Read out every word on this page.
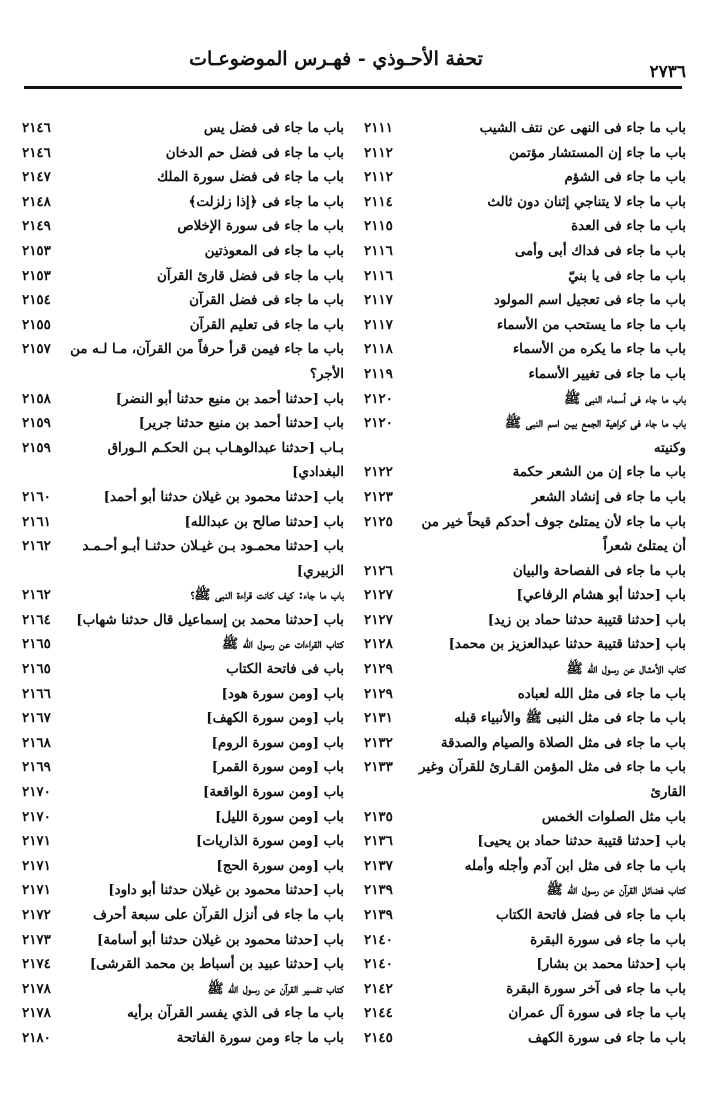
٢٧٣٦
تحفة الأحـوذي - فهـرس الموضوعـات
باب ما جاء فى النهى عن نتف الشيب
٢١١١
باب ما جاء إن المستشار مؤتمن
٢١١٢
باب ما جاء فى الشؤم
٢١١٢
باب ما جاء لا يتناجي إثنان دون ثالث
٢١١٤
باب ما جاء فى العدة
٢١١٥
باب ما جاء فى فداك أبى وأمى
٢١١٦
باب ما جاء فى يا بنيّ
٢١١٦
باب ما جاء فى تعجيل اسم المولود
٢١١٧
باب ما جاء ما يستحب من الأسماء
٢١١٧
باب ما جاء ما يكره من الأسماء
٢١١٨
باب ما جاء فى تغيير الأسماء
٢١١٩
باب ما جاء فى أسماء النبى ﷺ
٢١٢٠
باب ما جاء فى كراهية الجمع بيـن اسم النبى ﷺ
٢١٢٠
وكنيته
باب ما جاء إن من الشعر حكمة
٢١٢٢
باب ما جاء فى إنشاد الشعر
٢١٢٣
باب ما جاء لأن يمتلئ جوف أحدكم قيحاً خير من
٢١٢٥
أن يمتلئ شعراً
باب ما جاء فى الفصاحة والبيان
٢١٢٦
باب [حدثنا أبو هشام الرفاعي]
٢١٢٧
باب [حدثنا قتيبة حدثنا حماد بن زيد]
٢١٢٧
باب [حدثنا قتيبة حدثنا عبدالعزيز بن محمد]
٢١٢٨
كتاب الأمثـال عن رسول الله ﷺ
٢١٢٩
باب ما جاء فى مثل الله لعباده
٢١٢٩
باب ما جاء فى مثل النبى ﷺ والأنبياء قبله
٢١٣١
باب ما جاء فى مثل الصلاة والصيام والصدقة
٢١٣٢
باب ما جاء فى مثل المؤمن القـارئ للقرآن وغير
٢١٣٣
القارئ
باب مثل الصلوات الخمس
٢١٣٥
باب [حدثنا قتيبة حدثنا حماد بن يحيى]
٢١٣٦
باب ما جاء فى مثل ابن آدم وأجله وأمله
٢١٣٧
كتاب فضائل القرآن عن رسول الله ﷺ
٢١٣٩
باب ما جاء فى فضل فاتحة الكتاب
٢١٣٩
باب ما جاء فى سورة البقرة
٢١٤٠
باب [حدثنا محمد بن بشار]
٢١٤٠
باب ما جاء فى آخر سورة البقرة
٢١٤٢
باب ما جاء فى سورة آل عمران
٢١٤٤
باب ما جاء فى سورة الكهف
٢١٤٥
باب ما جاء فى فضل يس
٢١٤٦
باب ما جاء فى فضل حم الدخان
٢١٤٦
باب ما جاء فى فضل سورة الملك
٢١٤٧
باب ما جاء فى ﴿إذا زلزلت﴾
٢١٤٨
باب ما جاء فى سورة الإخلاص
٢١٤٩
باب ما جاء فى المعوذتين
٢١٥٣
باب ما جاء فى فضل قارئ القرآن
٢١٥٣
باب ما جاء فى فضل القرآن
٢١٥٤
باب ما جاء فى تعليم القرآن
٢١٥٥
باب ما جاء فيمن قرأ حرفاً من القرآن، مـا لـه من
٢١٥٧
الأجر؟
باب [حدثنا أحمد بن منيع حدثنا أبو النضر]
٢١٥٨
باب [حدثنا أحمد بن منيع حدثنا جرير]
٢١٥٩
بـاب [حدثنا عبدالوهـاب بـن الحكـم الـوراق
٢١٥٩
البغدادي]
باب [حدثنا محمود بن غيلان حدثنا أبو أحمد]
٢١٦٠
باب [حدثنا صالح بن عبدالله]
٢١٦١
باب [حدثنا محمـود بـن غيـلان حدثنـا أبـو أحـمـد
٢١٦٢
الزبيري]
باب ما جاء: كيف كانت قراءة النبى ﷺ؟
٢١٦٢
باب [حدثنا محمد بن إسماعيل قال حدثنا شهاب]
٢١٦٤
كتاب القراءات عن رسول الله ﷺ
٢١٦٥
باب فى فاتحة الكتاب
٢١٦٥
باب [ومن سورة هود]
٢١٦٦
باب [ومن سورة الكهف]
٢١٦٧
باب [ومن سورة الروم]
٢١٦٨
باب [ومن سورة القمر]
٢١٦٩
باب [ومن سورة الواقعة]
٢١٧٠
باب [ومن سورة الليل]
٢١٧٠
باب [ومن سورة الذاريات]
٢١٧١
باب [ومن سورة الحج]
٢١٧١
باب [حدثنا محمود بن غيلان حدثنا أبو داود]
٢١٧١
باب ما جاء فى أنزل القرآن على سبعة أحرف
٢١٧٢
باب [حدثنا محمود بن غيلان حدثنا أبو أسامة]
٢١٧٣
باب [حدثنا عبيد بن أسباط بن محمد القرشى]
٢١٧٤
كتاب تفسير القرآن عن رسول الله ﷺ
٢١٧٨
باب ما جاء فى الذي يفسر القرآن برأيه
٢١٧٨
باب ما جاء ومن سورة الفاتحة
٢١٨٠
